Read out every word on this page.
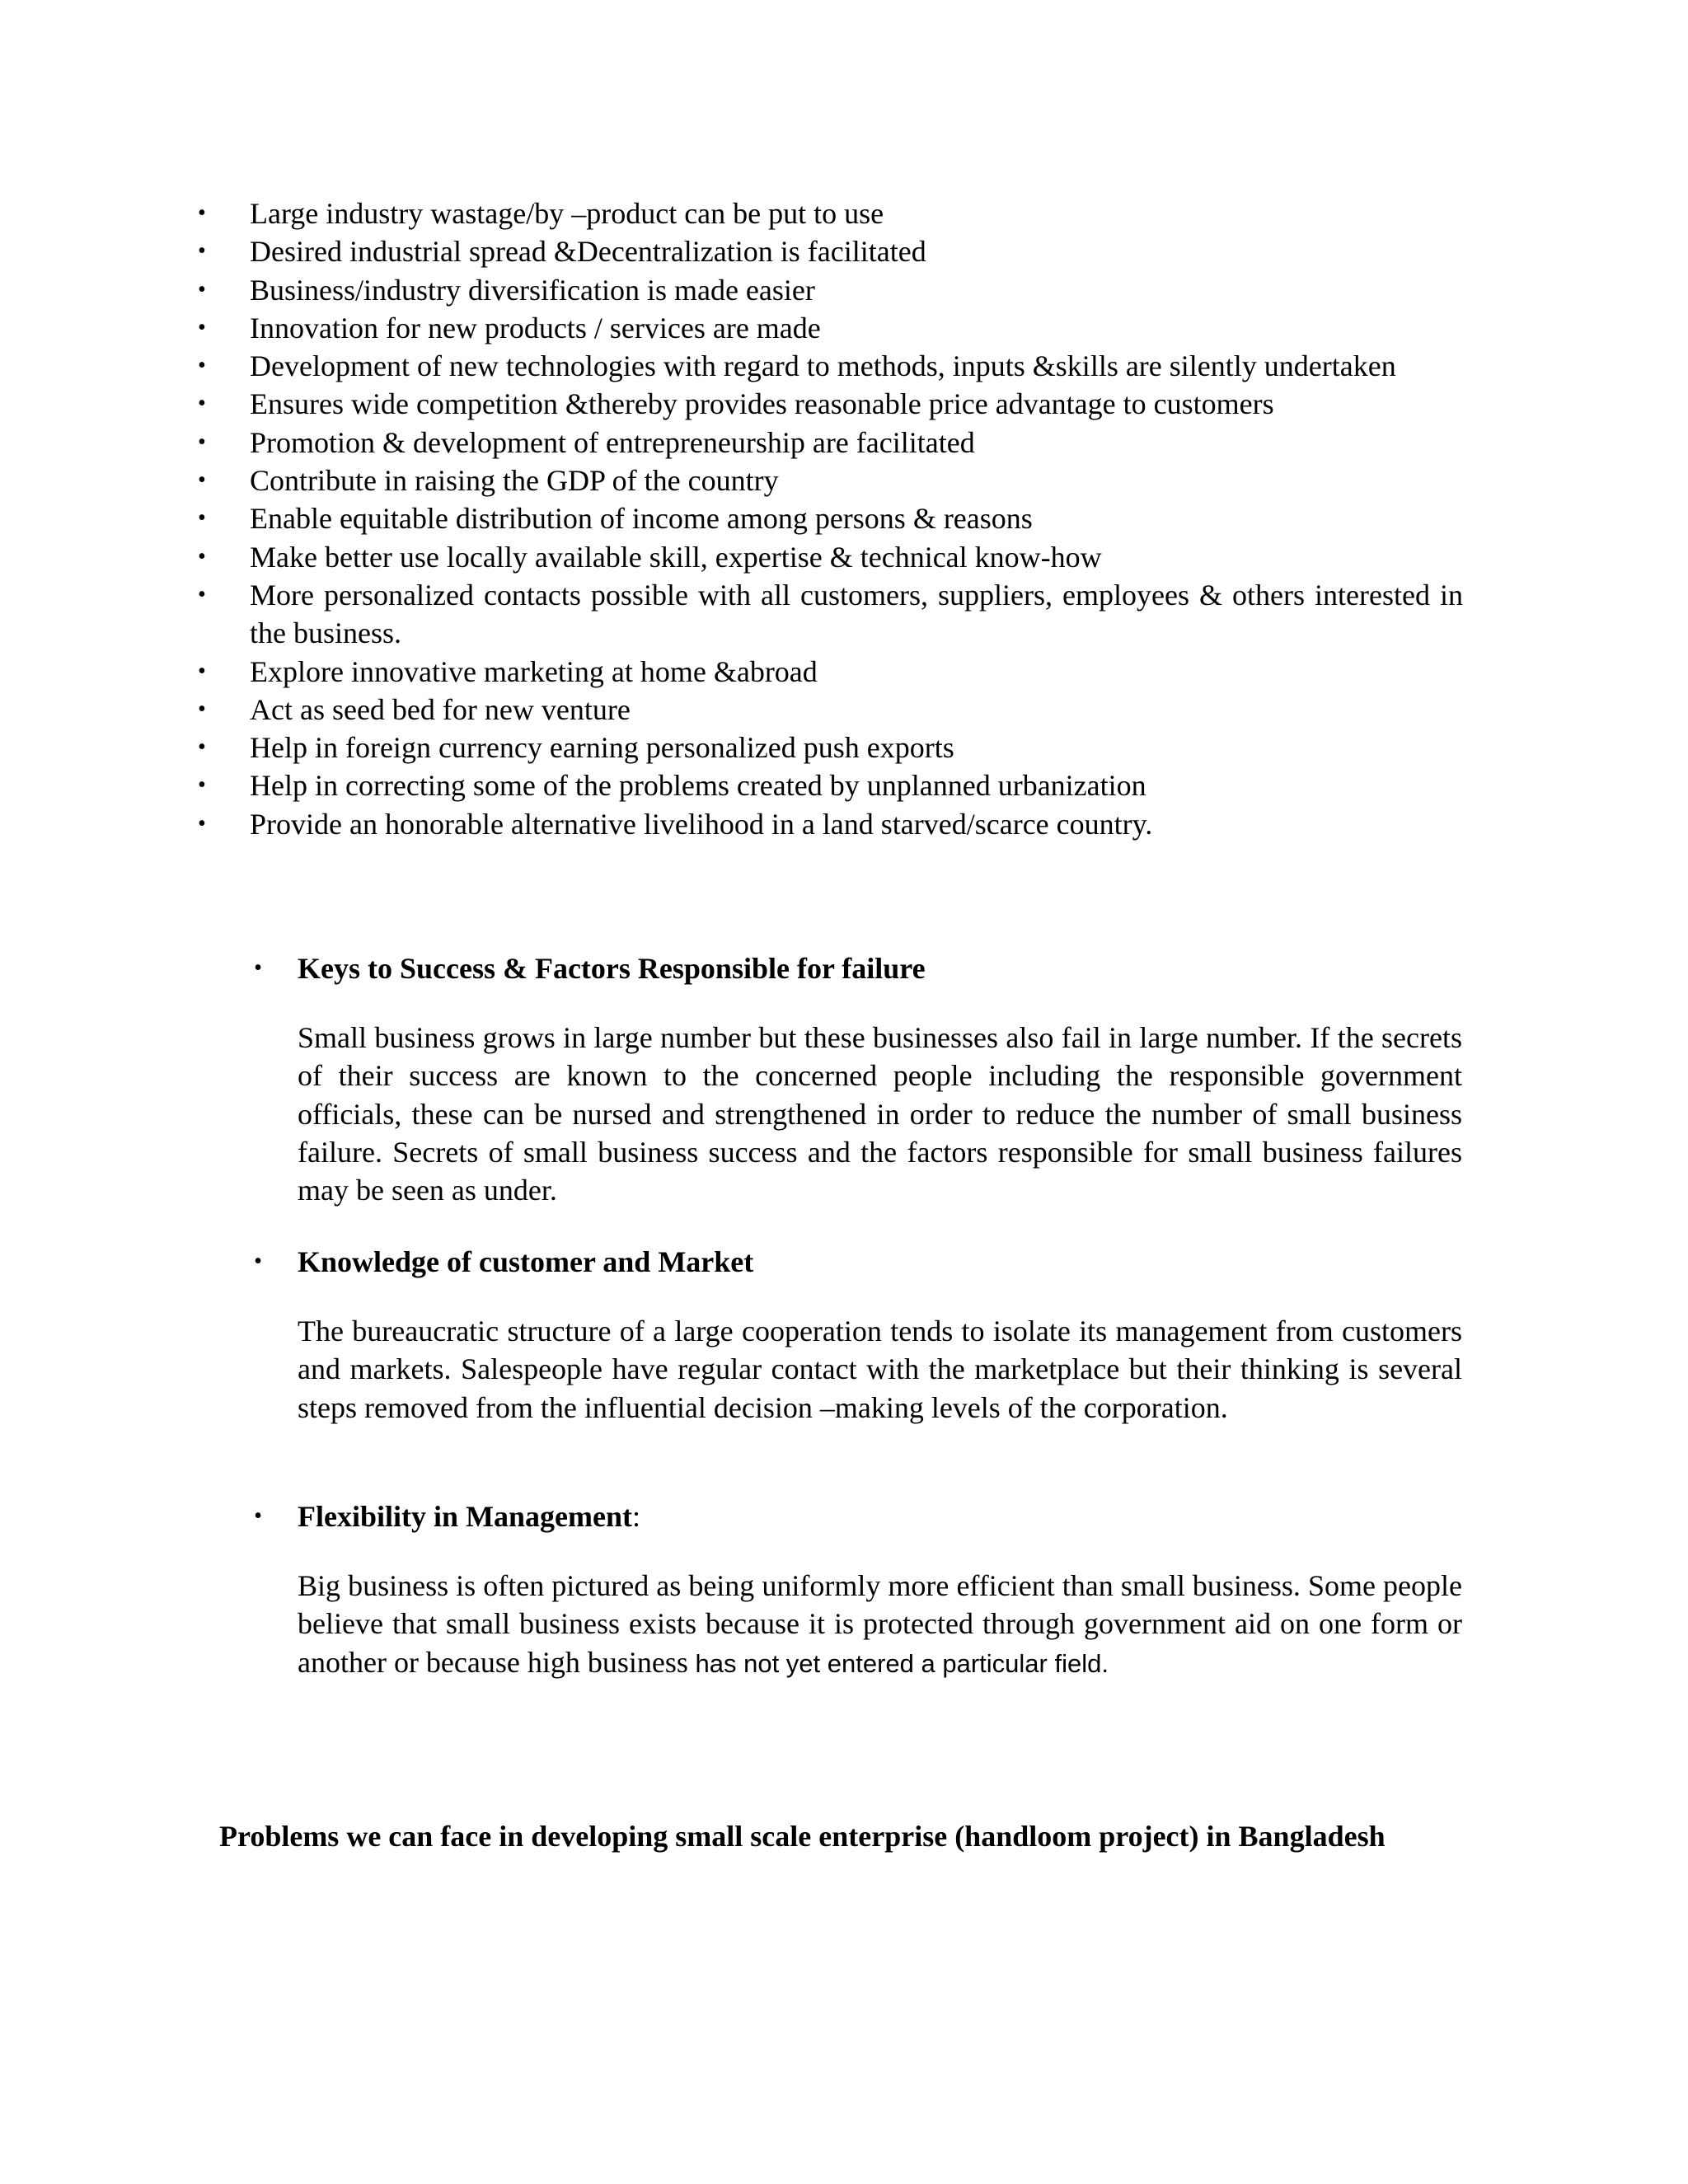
•	Large industry wastage/by –product can be put to use
•	Desired industrial spread &Decentralization is facilitated
•	Business/industry diversification is made easier
•	Innovation for new products / services are made
•	Development of new technologies with regard to methods, inputs &skills are silently undertaken
•	Ensures wide competition &thereby provides reasonable price advantage to customers
•	Promotion & development of entrepreneurship are facilitated
•	Contribute in raising the GDP of the country
•	Enable equitable distribution of income among persons & reasons
•	Make better use locally available skill, expertise & technical know-how
•	More personalized contacts possible with all customers, suppliers, employees & others interested in the business.
•	Explore innovative marketing at home &abroad
•	Act as seed bed for new venture
•	Help in foreign currency earning personalized push exports
•	Help in correcting some of the problems created by unplanned urbanization
•	Provide an honorable alternative livelihood in a land starved/scarce country.
• Keys to Success & Factors Responsible for failure

Small business grows in large number but these businesses also fail in large number. If the secrets of their success are known to the concerned people including the responsible government officials, these can be nursed and strengthened in order to reduce the number of small business failure. Secrets of small business success and the factors responsible for small business failures may be seen as under.

• Knowledge of customer and Market

The bureaucratic structure of a large cooperation tends to isolate its management from customers and markets. Salespeople have regular contact with the marketplace but their thinking is several steps removed from the influential decision –making levels of the corporation.

• Flexibility in Management:

Big business is often pictured as being uniformly more efficient than small business. Some people believe that small business exists because it is protected through government aid on one form or another or because high business has not yet entered a particular field.

Problems we can face in developing small scale enterprise (handloom project) in Bangladesh
